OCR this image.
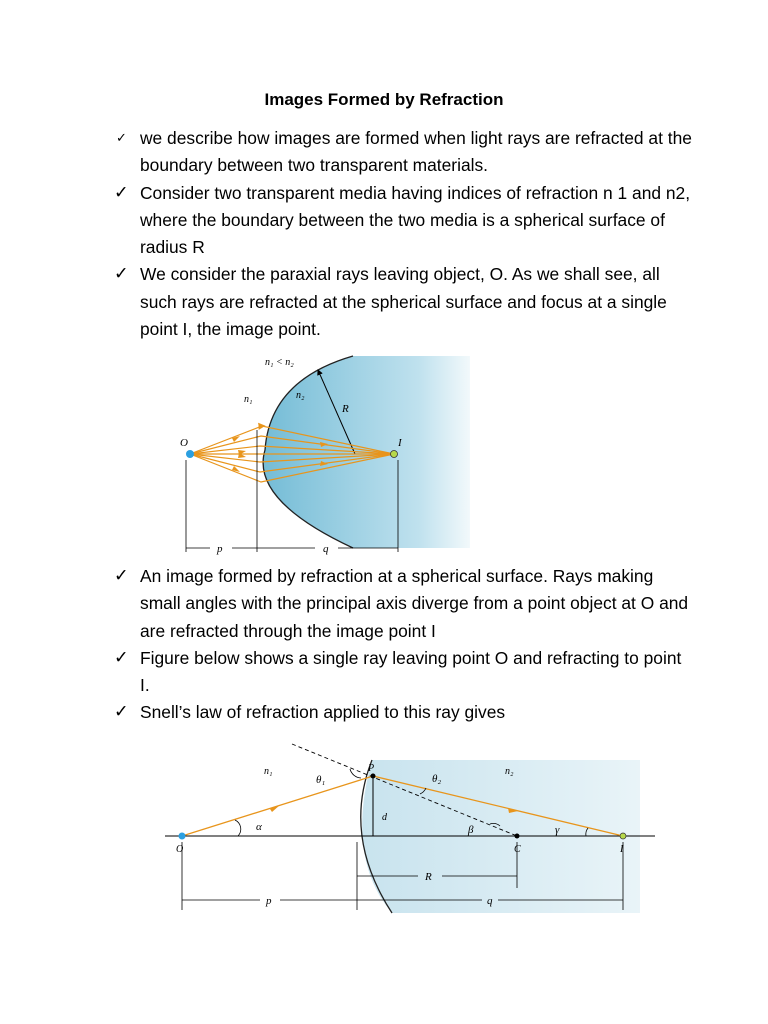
Images Formed by Refraction
✓ we describe how images are formed when light rays are refracted at the boundary between two transparent materials.
✓ Consider two transparent media having indices of refraction n 1 and n2, where the boundary between the two media is a spherical surface of radius R
✓ We consider the paraxial rays leaving object, O. As we shall see, all such rays are refracted at the spherical surface and focus at a single point I, the image point.
n₁ < n₂
n₁	n₂
R
O	I
p	q
✓ An image formed by refraction at a spherical surface. Rays making small angles with the principal axis diverge from a point object at O and are refracted through the image point I
✓ Figure below shows a single ray leaving point O and refracting to point I.
✓ Snell’s law of refraction applied to this ray gives
n₁	n₂
θ₁	θ₂
P
d
α	β	γ
O	C	I
R
p	q
